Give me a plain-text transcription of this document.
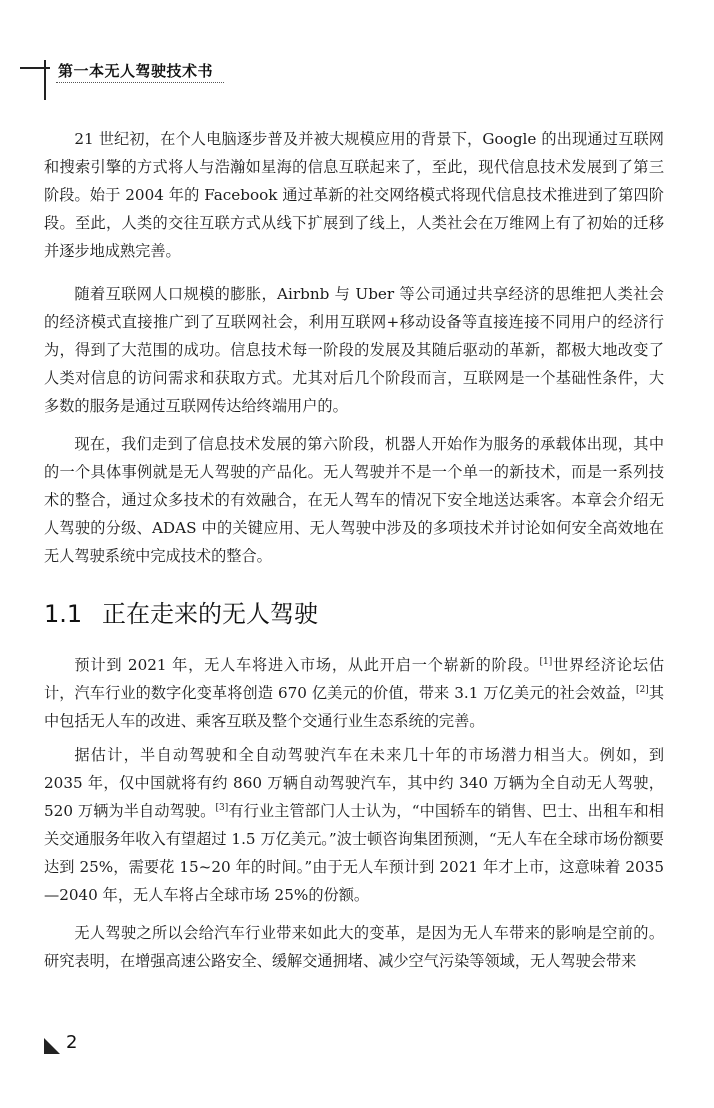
第一本无人驾驶技术书

21 世纪初，在个人电脑逐步普及并被大规模应用的背景下，Google 的出现通过互联网和搜索引擎的方式将人与浩瀚如星海的信息互联起来了，至此，现代信息技术发展到了第三阶段。始于 2004 年的 Facebook 通过革新的社交网络模式将现代信息技术推进到了第四阶段。至此，人类的交往互联方式从线下扩展到了线上，人类社会在万维网上有了初始的迁移并逐步地成熟完善。

随着互联网人口规模的膨胀，Airbnb 与 Uber 等公司通过共享经济的思维把人类社会的经济模式直接推广到了互联网社会，利用互联网+移动设备等直接连接不同用户的经济行为，得到了大范围的成功。信息技术每一阶段的发展及其随后驱动的革新，都极大地改变了人类对信息的访问需求和获取方式。尤其对后几个阶段而言，互联网是一个基础性条件，大多数的服务是通过互联网传达给终端用户的。

现在，我们走到了信息技术发展的第六阶段，机器人开始作为服务的承载体出现，其中的一个具体事例就是无人驾驶的产品化。无人驾驶并不是一个单一的新技术，而是一系列技术的整合，通过众多技术的有效融合，在无人驾车的情况下安全地送达乘客。本章会介绍无人驾驶的分级、ADAS 中的关键应用、无人驾驶中涉及的多项技术并讨论如何安全高效地在无人驾驶系统中完成技术的整合。

1.1 正在走来的无人驾驶

预计到 2021 年，无人车将进入市场，从此开启一个崭新的阶段。[1]世界经济论坛估计，汽车行业的数字化变革将创造 670 亿美元的价值，带来 3.1 万亿美元的社会效益，[2]其中包括无人车的改进、乘客互联及整个交通行业生态系统的完善。

据估计，半自动驾驶和全自动驾驶汽车在未来几十年的市场潜力相当大。例如，到 2035 年，仅中国就将有约 860 万辆自动驾驶汽车，其中约 340 万辆为全自动无人驾驶，520 万辆为半自动驾驶。[3]有行业主管部门人士认为，“中国轿车的销售、巴士、出租车和相关交通服务年收入有望超过 1.5 万亿美元。”波士顿咨询集团预测，“无人车在全球市场份额要达到 25%，需要花 15~20 年的时间。”由于无人车预计到 2021 年才上市，这意味着 2035—2040 年，无人车将占全球市场 25%的份额。

无人驾驶之所以会给汽车行业带来如此大的变革，是因为无人车带来的影响是空前的。研究表明，在增强高速公路安全、缓解交通拥堵、减少空气污染等领域，无人驾驶会带来

2
